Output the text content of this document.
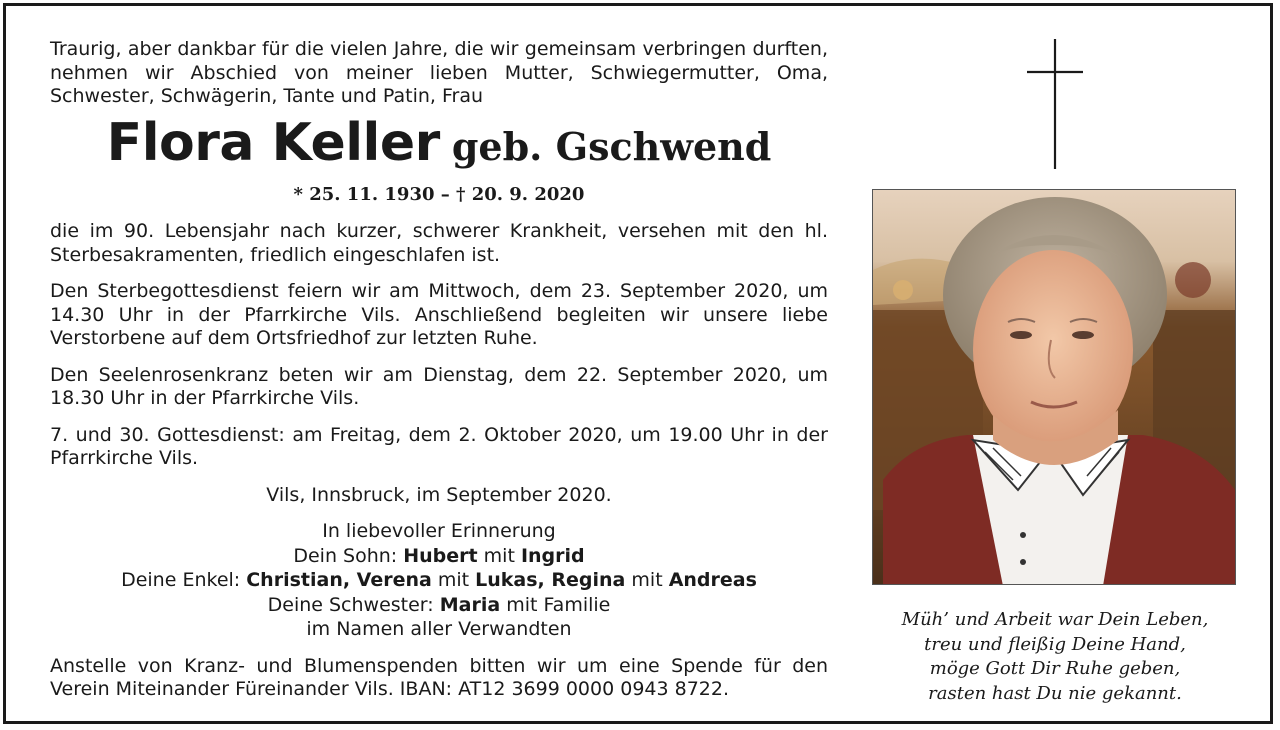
Traurig, aber dankbar für die vielen Jahre, die wir gemeinsam verbringen durften, nehmen wir Abschied von meiner lieben Mutter, Schwiegermutter, Oma, Schwester, Schwägerin, Tante und Patin, Frau

Flora Keller geb. Gschwend
* 25. 11. 1930 – † 20. 9. 2020

die im 90. Lebensjahr nach kurzer, schwerer Krankheit, versehen mit den hl. Sterbesakramenten, friedlich eingeschlafen ist.

Den Sterbegottesdienst feiern wir am Mittwoch, dem 23. September 2020, um 14.30 Uhr in der Pfarrkirche Vils. Anschließend begleiten wir unsere liebe Verstorbene auf dem Ortsfriedhof zur letzten Ruhe.

Den Seelenrosenkranz beten wir am Dienstag, dem 22. September 2020, um 18.30 Uhr in der Pfarrkirche Vils.

7. und 30. Gottesdienst: am Freitag, dem 2. Oktober 2020, um 19.00 Uhr in der Pfarrkirche Vils.

Vils, Innsbruck, im September 2020.

In liebevoller Erinnerung
Dein Sohn: Hubert mit Ingrid
Deine Enkel: Christian, Verena mit Lukas, Regina mit Andreas
Deine Schwester: Maria mit Familie
im Namen aller Verwandten

Anstelle von Kranz- und Blumenspenden bitten wir um eine Spende für den Verein Miteinander Füreinander Vils. IBAN: AT12 3699 0000 0943 8722.

Müh’ und Arbeit war Dein Leben,
treu und fleißig Deine Hand,
möge Gott Dir Ruhe geben,
rasten hast Du nie gekannt.
